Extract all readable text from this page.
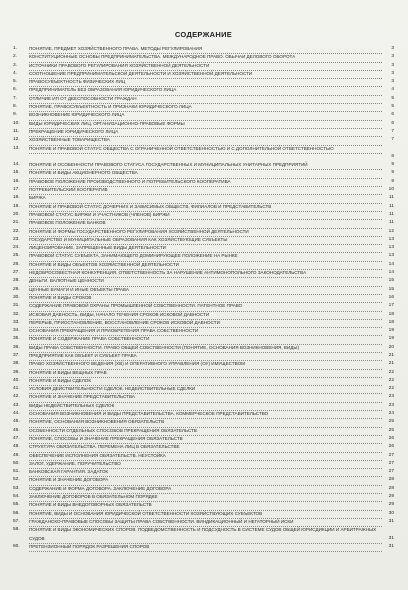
СОДЕРЖАНИЕ
1.	ПОНЯТИЕ, ПРЕДМЕТ ХОЗЯЙСТВЕННОГО ПРАВА. МЕТОДЫ РЕГУЛИРОВАНИЯ	3
2.	КОНСТИТУЦИОННЫЕ ОСНОВЫ ПРЕДПРИНИМАТЕЛЬСТВА. МЕЖДУНАРОДНОЕ ПРАВО. ОБЫЧАИ ДЕЛОВОГО ОБОРОТА	3
3.	ИСТОЧНИКИ ПРАВОВОГО РЕГУЛИРОВАНИЯ ХОЗЯЙСТВЕННОЙ ДЕЯТЕЛЬНОСТИ	3
4.	СООТНОШЕНИЕ ПРЕДПРИНИМАТЕЛЬСКОЙ ДЕЯТЕЛЬНОСТИ И ХОЗЯЙСТВЕННОЙ ДЕЯТЕЛЬНОСТИ	3
5.	ПРАВОСУБЪЕКТНОСТЬ ФИЗИЧЕСКИХ ЛИЦ	3
6.	ПРЕДПРИНИМАТЕЛЬ БЕЗ ОБРАЗОВАНИЯ ЮРИДИЧЕСКОГО ЛИЦА	4
7.	ОТЛИЧИЕ ИП ОТ ДЕЕСПОСОБНОСТИ ГРАЖДАН	5
8.	ПОНЯТИЕ, ПРАВОСУБЪЕКТНОСТЬ И ПРИЗНАКИ ЮРИДИЧЕСКОГО ЛИЦА	5
9.	ВОЗНИКНОВЕНИЕ ЮРИДИЧЕСКОГО ЛИЦА	6
10.	ВИДЫ ЮРИДИЧЕСКИХ ЛИЦ. ОРГАНИЗАЦИОННО-ПРАВОВЫЕ ФОРМЫ	6
11.	ПРЕКРАЩЕНИЕ ЮРИДИЧЕСКОГО ЛИЦА	7
12.	ХОЗЯЙСТВЕННЫЕ ТОВАРИЩЕСТВА	7
13.	ПОНЯТИЕ И ПРАВОВОЙ СТАТУС ОБЩЕСТВА С ОГРАНИЧЕННОЙ ОТВЕТСТВЕННОСТЬЮ И С ДОПОЛНИТЕЛЬНОЙ ОТВЕТСТВЕННОСТЬЮ
8
14.	ПОНЯТИЕ И ОСОБЕННОСТИ ПРАВОВОГО СТАТУСА ГОСУДАРСТВЕННЫХ И МУНИЦИПАЛЬНЫХ УНИТАРНЫХ ПРЕДПРИЯТИЙ	9
15.	ПОНЯТИЕ И ВИДЫ АКЦИОНЕРНОГО ОБЩЕСТВА	9
16.	ПРАВОВОЕ ПОЛОЖЕНИЕ ПРОИЗВОДСТВЕННОГО И ПОТРЕБИТЕЛЬСКОГО КООПЕРАТИВА	9
17.	ПОТРЕБИТЕЛЬСКИЙ КООПЕРАТИВ	10
18.	БИРЖА	11
19.	ПОНЯТИЕ И ПРАВОВОЙ СТАТУС ДОЧЕРНИХ И ЗАВИСИМЫХ ОБЩЕСТВ, ФИЛИАЛОВ И ПРЕДСТАВИТЕЛЬСТВ	11
20.	ПРАВОВОЙ СТАТУС БИРЖИ И УЧАСТНИКОВ (ЧЛЕНОВ) БИРЖИ	11
21.	ПРАВОВОЕ ПОЛОЖЕНИЕ БАНКОВ	11
22.	ПОНЯТИЕ И ФОРМЫ ГОСУДАРСТВЕННОГО РЕГУЛИРОВАНИЯ ХОЗЯЙСТВЕННОЙ ДЕЯТЕЛЬНОСТИ	12
23.	ГОСУДАРСТВО И МУНИЦИПАЛЬНЫЕ ОБРАЗОВАНИЯ КАК ХОЗЯЙСТВУЮЩИЕ СУБЪЕКТЫ	13
24.	ЛИЦЕНЗИРОВАНИЕ. ЗАПРЕЩЕННЫЕ ВИДЫ ДЕЯТЕЛЬНОСТИ	13
25.	ПРАВОВОЙ СТАТУС СУБЪЕКТА, ЗАНИМАЮЩЕГО ДОМИНИРУЮЩЕЕ ПОЛОЖЕНИЕ НА РЫНКЕ	13
26.	ПОНЯТИЕ И ВИДЫ ОБЪЕКТОВ ХОЗЯЙСТВЕННОЙ ДЕЯТЕЛЬНОСТИ	14
27.	НЕДОБРОСОВЕСТНАЯ КОНКУРЕНЦИЯ. ОТВЕТСТВЕННОСТЬ ЗА НАРУШЕНИЕ АНТИМОНОПОЛЬНОГО ЗАКОНОДАТЕЛЬСТВА	14
28.	ДЕНЬГИ. ВАЛЮТНЫЕ ЦЕННОСТИ	15
29.	ЦЕННЫЕ БУМАГИ И ИНЫЕ ОБЪЕКТЫ ПРАВА	15
30.	ПОНЯТИЕ И ВИДЫ СРОКОВ	16
31.	СОДЕРЖАНИЕ ПРАВОВОЙ ОХРАНЫ ПРОМЫШЛЕННОЙ СОБСТВЕННОСТИ. ПАТЕНТНОЕ ПРАВО	17
32.	ИСКОВАЯ ДАВНОСТЬ, ВИДЫ, НАЧАЛО ТЕЧЕНИЯ СРОКОВ ИСКОВОЙ ДАВНОСТИ	18
33.	ПЕРЕРЫВ, ПРИОСТАНОВЛЕНИЕ, ВОССТАНОВЛЕНИЕ СРОКОВ ИСКОВОЙ ДАВНОСТИ	18
34.	ОСНОВАНИЯ ПРЕКРАЩЕНИЯ И ПРИОБРЕТЕНИЯ ПРАВА СОБСТВЕННОСТИ	19
35.	ПОНЯТИЕ И СОДЕРЖАНИЕ ПРАВА СОБСТВЕННОСТИ	19
36.	ВИДЫ ПРАВА СОБСТВЕННОСТИ. ПРАВО ОБЩЕЙ СОБСТВЕННОСТИ (ПОНЯТИЕ, ОСНОВАНИЯ ВОЗНИКНОВЕНИЯ, ВИДЫ)	20
37.	ПРЕДПРИЯТИЕ КАК ОБЪЕКТ И СУБЪЕКТ ПРАВА	21
38.	ПРАВО ХОЗЯЙСТВЕННОГО ВЕДЕНИЯ (ХВ) И ОПЕРАТИВНОГО УПРАВЛЕНИЯ (ОУ) ИМУЩЕСТВОМ	21
39.	ПОНЯТИЕ И ВИДЫ ВЕЩНЫХ ПРАВ	22
40.	ПОНЯТИЕ И ВИДЫ СДЕЛОК	22
41.	УСЛОВИЯ ДЕЙСТВИТЕЛЬНОСТИ СДЕЛОК. НЕДЕЙСТВИТЕЛЬНЫЕ СДЕЛКИ	22
42.	ПОНЯТИЕ И ЗНАЧЕНИЕ ПРЕДСТАВИТЕЛЬСТВА	23
43.	ВИДЫ НЕДЕЙСТВИТЕЛЬНЫХ СДЕЛОК	23
44.	ОСНОВАНИЯ ВОЗНИКНОВЕНИЯ И ВИДЫ ПРЕДСТАВИТЕЛЬСТВА. КОММЕРЧЕСКОЕ ПРЕДСТАВИТЕЛЬСТВО	24
45.	ПОНЯТИЕ, ОСНОВАНИЯ ВОЗНИКНОВЕНИЯ ОБЯЗАТЕЛЬСТВ	25
46.	ОСОБЕННОСТИ ОТДЕЛЬНЫХ СПОСОБОВ ПРЕКРАЩЕНИЯ ОБЯЗАТЕЛЬСТВ	25
47.	ПОНЯТИЕ, СПОСОБЫ И ЗНАЧЕНИЕ ПРЕКРАЩЕНИЯ ОБЯЗАТЕЛЬСТВ	26
48.	СТРУКТУРА ОБЯЗАТЕЛЬСТВА. ПЕРЕМЕНА ЛИЦ В ОБЯЗАТЕЛЬСТВЕ	26
49.	ОБЕСПЕЧЕНИЕ ИСПОЛНЕНИЯ ОБЯЗАТЕЛЬСТВ. НЕУСТОЙКА	27
50.	ЗАЛОГ, УДЕРЖАНИЕ, ПОРУЧИТЕЛЬСТВО	27
51.	БАНКОВСКАЯ ГАРАНТИЯ. ЗАДАТОК	27
52.	ПОНЯТИЕ И ЗНАЧЕНИЕ ДОГОВОРА	28
53.	СОДЕРЖАНИЕ И ФОРМА ДОГОВОРА. ЗАКЛЮЧЕНИЕ ДОГОВОРА	28
54.	ЗАКЛЮЧЕНИЕ ДОГОВОРОВ В ОБЯЗАТЕЛЬНОМ ПОРЯДКЕ	29
55.	ПОНЯТИЕ И ВИДЫ ВНЕДОГОВОРНЫХ ОБЯЗАТЕЛЬСТВ	29
56.	ПОНЯТИЕ, ВИДЫ И ОСНОВАНИЯ ЮРИДИЧЕСКОЙ ОТВЕТСТВЕННОСТИ ХОЗЯЙСТВУЮЩИХ СУБЪЕКТОВ	30
57.	ГРАЖДАНСКО-ПРАВОВЫЕ СПОСОБЫ ЗАЩИТЫ ПРАВА СОБСТВЕННОСТИ. ВИНДИКАЦИОННЫЙ И НЕГАТОРНЫЙ ИСКИ	31
58.	ПОНЯТИЕ И ВИДЫ ЭКОНОМИЧЕСКИХ СПОРОВ. ПОДВЕДОМСТВЕННОСТЬ И ПОДСУДНОСТЬ В СИСТЕМЕ СУДОВ ОБЩЕЙ ЮРИСДИКЦИИ И АРБИТРАЖНЫХ СУДОВ	31
60.	ПРЕТЕНЗИОННЫЙ ПОРЯДОК РАЗРЕШЕНИЯ СПОРОВ	31
